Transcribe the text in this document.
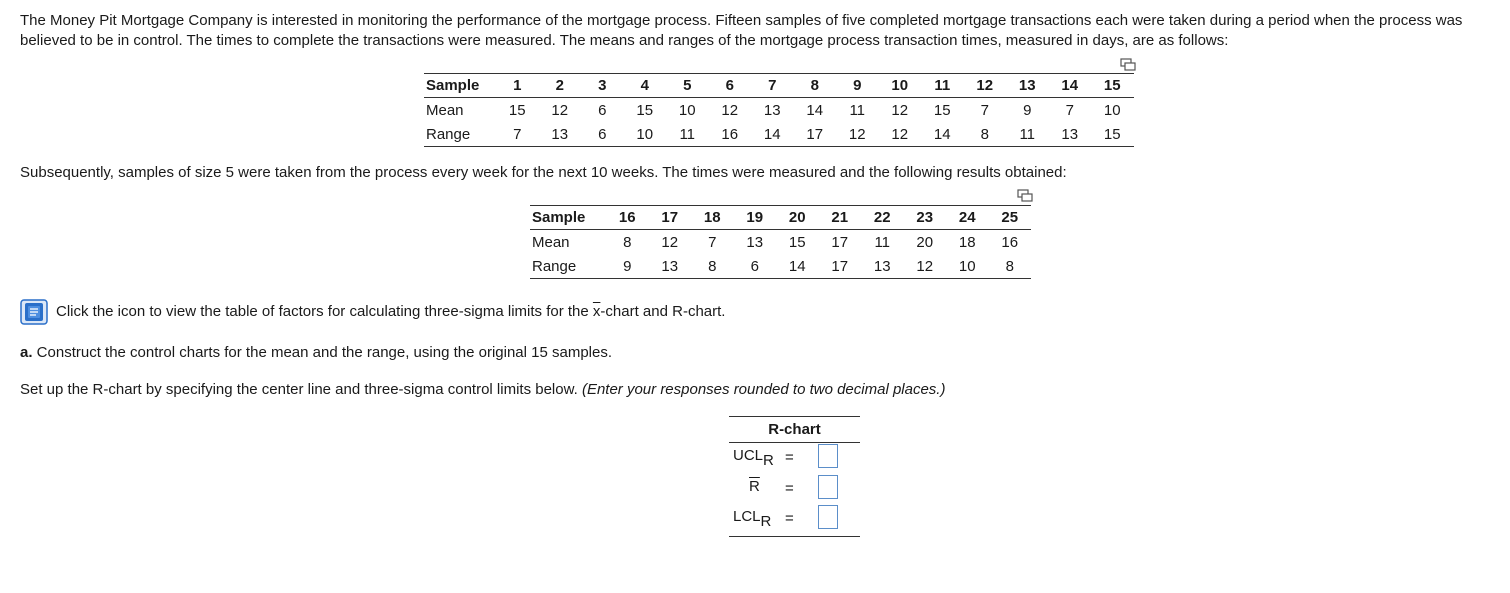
The Money Pit Mortgage Company is interested in monitoring the performance of the mortgage process. Fifteen samples of five completed mortgage transactions each were taken during a period when the process was believed to be in control. The times to complete the transactions were measured. The means and ranges of the mortgage process transaction times, measured in days, are as follows:

Sample	1	2	3	4	5	6	7	8	9	10	11	12	13	14	15
Mean	15	12	6	15	10	12	13	14	11	12	15	7	9	7	10
Range	7	13	6	10	11	16	14	17	12	12	14	8	11	13	15

Subsequently, samples of size 5 were taken from the process every week for the next 10 weeks. The times were measured and the following results obtained:

Sample	16	17	18	19	20	21	22	23	24	25
Mean	8	12	7	13	15	17	11	20	18	16
Range	9	13	8	6	14	17	13	12	10	8
Click the icon to view the table of factors for calculating three-sigma limits for the $\overline{x}$-chart and R-chart.

a. Construct the control charts for the mean and the range, using the original 15 samples.

Set up the R-chart by specifying the center line and three-sigma control limits below. (Enter your responses rounded to two decimal places.)

R-chart
$UCL_R$ =
$\overline{R}$ =
$LCL_R$ =
